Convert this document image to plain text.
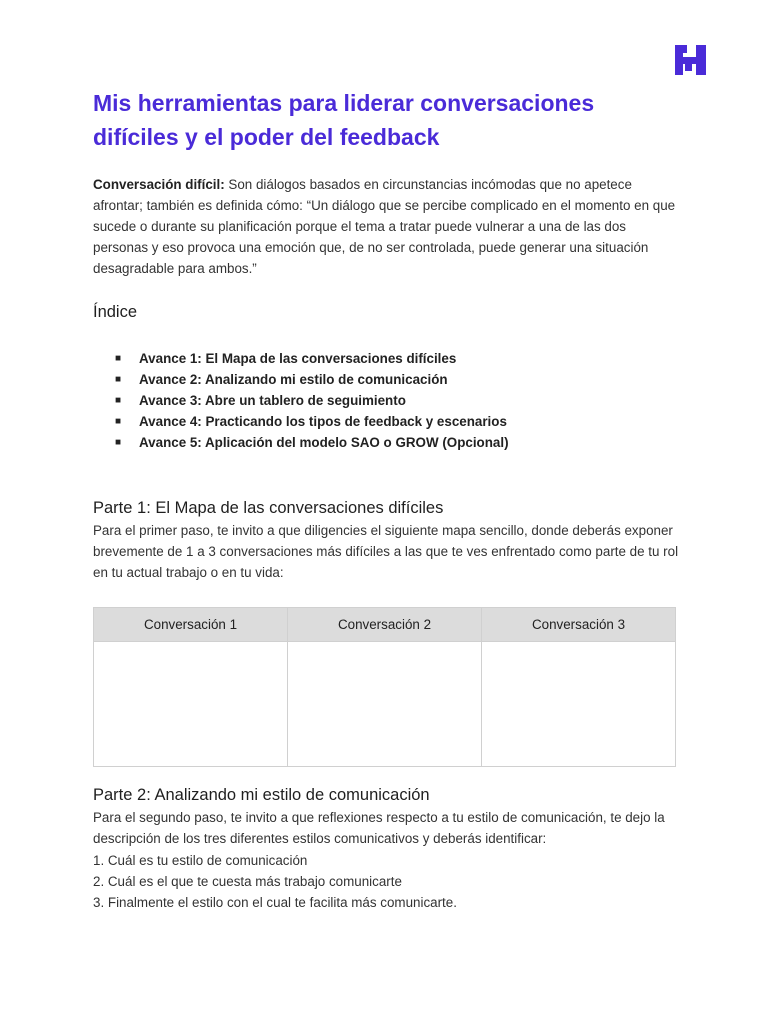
Mis herramientas para liderar conversaciones
difíciles y el poder del feedback

Conversación difícil: Son diálogos basados en circunstancias incómodas que no apetece afrontar; también es definida cómo: “Un diálogo que se percibe complicado en el momento en que sucede o durante su planificación porque el tema a tratar puede vulnerar a una de las dos personas y eso provoca una emoción que, de no ser controlada, puede generar una situación desagradable para ambos.”

Índice
■	Avance 1: El Mapa de las conversaciones difíciles
■	Avance 2: Analizando mi estilo de comunicación
■	Avance 3: Abre un tablero de seguimiento
■	Avance 4: Practicando los tipos de feedback y escenarios
■	Avance 5: Aplicación del modelo SAO o GROW (Opcional)
Parte 1: El Mapa de las conversaciones difíciles

Para el primer paso, te invito a que diligencies el siguiente mapa sencillo, donde deberás exponer brevemente de 1 a 3 conversaciones más difíciles a las que te ves enfrentado como parte de tu rol en tu actual trabajo o en tu vida:

Conversación 1	Conversación 2	Conversación 3

Parte 2: Analizando mi estilo de comunicación

Para el segundo paso, te invito a que reflexiones respecto a tu estilo de comunicación, te dejo la descripción de los tres diferentes estilos comunicativos y deberás identificar:

1. Cuál es tu estilo de comunicación
2. Cuál es el que te cuesta más trabajo comunicarte
3. Finalmente el estilo con el cual te facilita más comunicarte.
